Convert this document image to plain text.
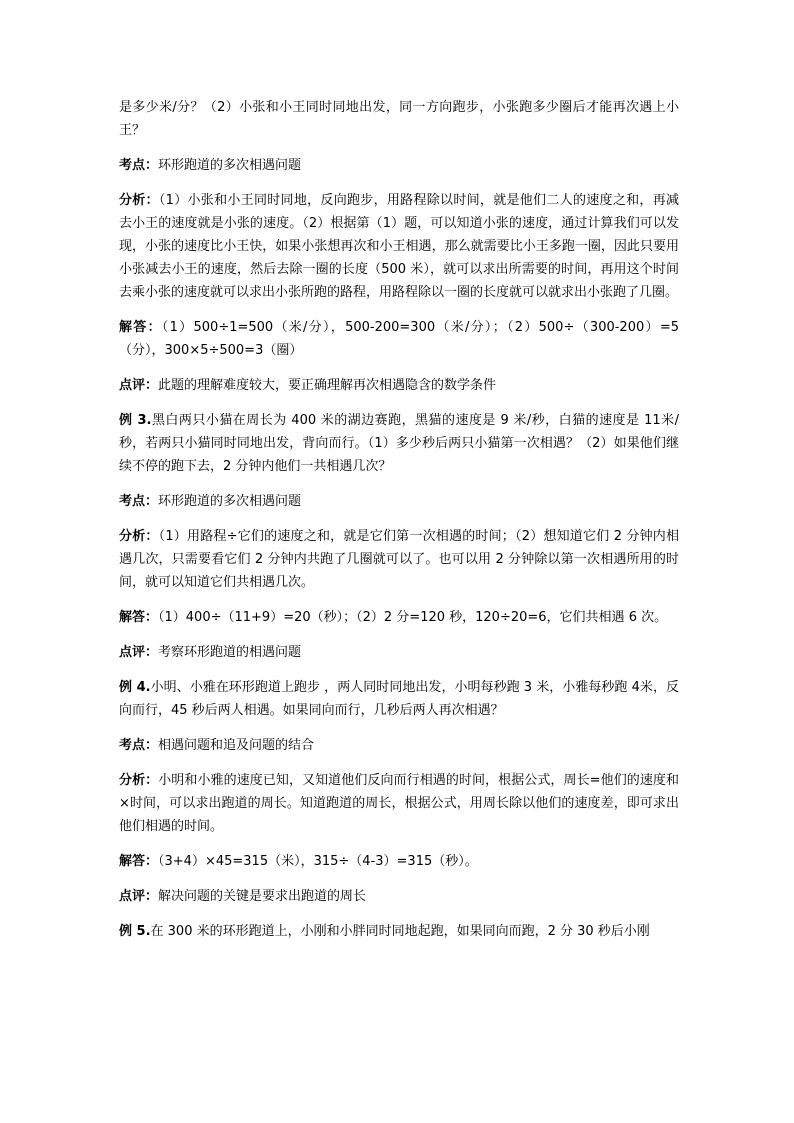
是多少米/分？（2）小张和小王同时同地出发，同一方向跑步，小张跑多少圈后才能再次遇上小王？

考点：环形跑道的多次相遇问题

分析：（1）小张和小王同时同地，反向跑步，用路程除以时间，就是他们二人的速度之和，再减去小王的速度就是小张的速度。（2）根据第（1）题，可以知道小张的速度，通过计算我们可以发现，小张的速度比小王快，如果小张想再次和小王相遇，那么就需要比小王多跑一圈，因此只要用小张减去小王的速度，然后去除一圈的长度（500 米），就可以求出所需要的时间，再用这个时间去乘小张的速度就可以求出小张所跑的路程，用路程除以一圈的长度就可以就求出小张跑了几圈。

解答：（1）500÷1=500（米/分），500-200=300（米/分）；（2）500÷（300-200）=5（分），300×5÷500=3（圈）

点评：此题的理解难度较大，要正确理解再次相遇隐含的数学条件

例 3.黑白两只小猫在周长为 400 米的湖边赛跑，黑猫的速度是 9 米/秒，白猫的速度是 11米/秒，若两只小猫同时同地出发，背向而行。（1）多少秒后两只小猫第一次相遇？（2）如果他们继续不停的跑下去，2 分钟内他们一共相遇几次？

考点：环形跑道的多次相遇问题

分析：（1）用路程÷它们的速度之和，就是它们第一次相遇的时间；（2）想知道它们 2 分钟内相遇几次，只需要看它们 2 分钟内共跑了几圈就可以了。也可以用 2 分钟除以第一次相遇所用的时间，就可以知道它们共相遇几次。

解答：（1）400÷（11+9）=20（秒）；（2）2 分=120 秒，120÷20=6，它们共相遇 6 次。

点评：考察环形跑道的相遇问题

例 4.小明、小雅在环形跑道上跑步 ，两人同时同地出发，小明每秒跑 3 米，小雅每秒跑 4米，反向而行，45 秒后两人相遇。如果同向而行，几秒后两人再次相遇？

考点：相遇问题和追及问题的结合

分析：小明和小雅的速度已知，又知道他们反向而行相遇的时间，根据公式，周长=他们的速度和×时间，可以求出跑道的周长。知道跑道的周长，根据公式，用周长除以他们的速度差，即可求出他们相遇的时间。

解答：（3+4）×45=315（米），315÷（4-3）=315（秒）。

点评：解决问题的关键是要求出跑道的周长

例 5.在 300 米的环形跑道上，小刚和小胖同时同地起跑，如果同向而跑，2 分 30 秒后小刚
